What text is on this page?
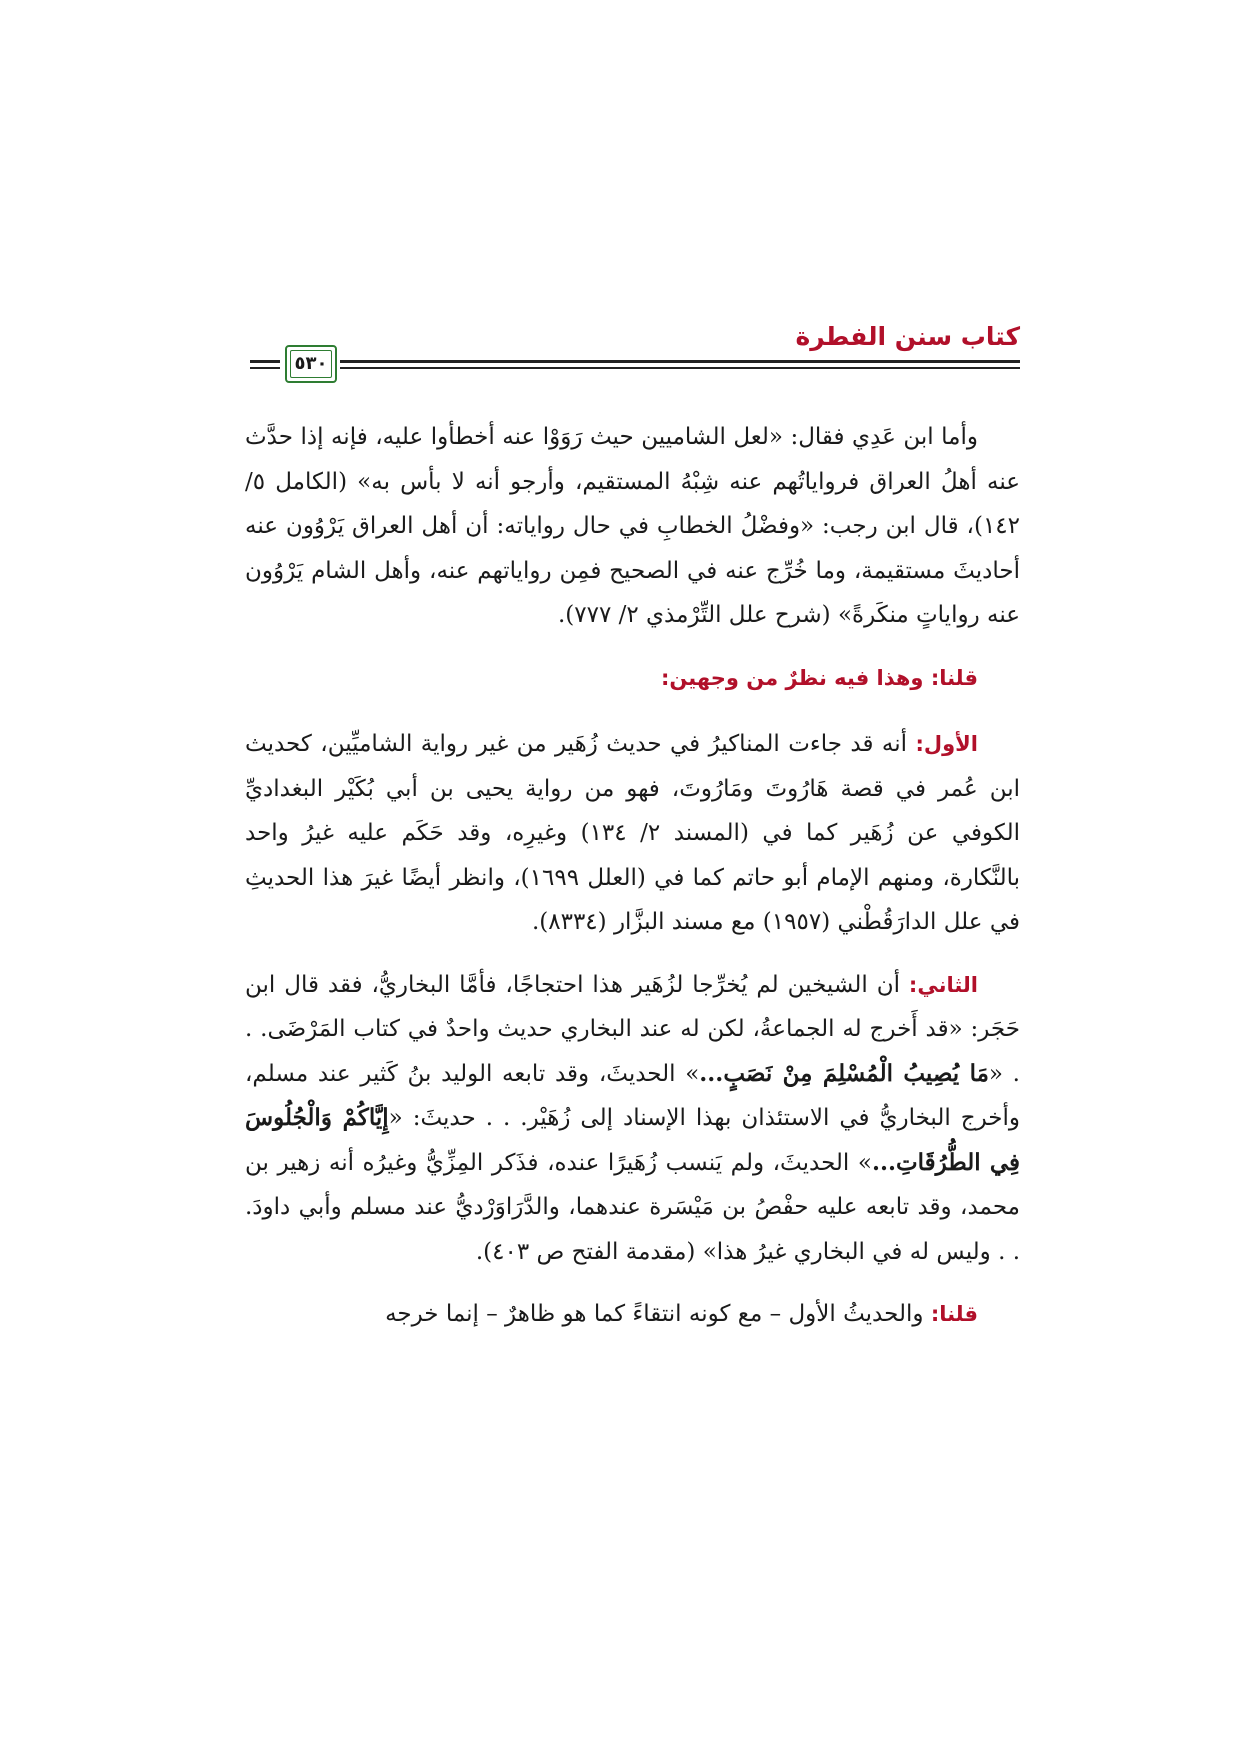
كتاب سنن الفطرة
٥٣٠

وأما ابن عَدِي فقال: «لعل الشاميين حيث رَوَوْا عنه أخطأوا عليه، فإنه إذا حدَّث عنه أهلُ العراق فرواياتُهم عنه شِبْهُ المستقيم، وأرجو أنه لا بأس به» (الكامل ٥/ ١٤٢)، قال ابن رجب: «وفضْلُ الخطابِ في حال رواياته: أن أهل العراق يَرْوُون عنه أحاديثَ مستقيمة، وما خُرِّج عنه في الصحيح فمِن رواياتهم عنه، وأهل الشام يَرْوُون عنه رواياتٍ منكَرةً» (شرح علل التِّرْمذي ٢/ ٧٧٧).

قلنا: وهذا فيه نظرٌ من وجهين:

الأول: أنه قد جاءت المناكيرُ في حديث زُهَير من غير رواية الشاميِّين، كحديث ابن عُمر في قصة هَارُوتَ ومَارُوتَ، فهو من رواية يحيى بن أبي بُكَيْر البغداديِّ الكوفي عن زُهَير كما في (المسند ٢/ ١٣٤) وغيرِه، وقد حَكَم عليه غيرُ واحد بالنَّكارة، ومنهم الإمام أبو حاتم كما في (العلل ١٦٩٩)، وانظر أيضًا غيرَ هذا الحديثِ في علل الدارَقُطْني (١٩٥٧) مع مسند البزَّار (٨٣٣٤).

الثاني: أن الشيخين لم يُخرِّجا لزُهَير هذا احتجاجًا، فأمَّا البخاريُّ، فقد قال ابن حَجَر: «قد أَخرج له الجماعةُ، لكن له عند البخاري حديث واحدٌ في كتاب المَرْضَى. . . «مَا يُصِيبُ الْمُسْلِمَ مِنْ نَصَبٍ...» الحديثَ، وقد تابعه الوليد بنُ كَثير عند مسلم، وأخرج البخاريُّ في الاستئذان بهذا الإسناد إلى زُهَيْر. . . حديثَ: «إِيَّاكُمْ وَالْجُلُوسَ فِي الطُّرُقَاتِ...» الحديثَ، ولم يَنسب زُهَيرًا عنده، فذَكر المِزِّيُّ وغيرُه أنه زهير بن محمد، وقد تابعه عليه حفْصُ بن مَيْسَرة عندهما، والدَّرَاوَرْديُّ عند مسلم وأبي داودَ. . . وليس له في البخاري غيرُ هذا» (مقدمة الفتح ص ٤٠٣).

قلنا: والحديثُ الأول – مع كونه انتقاءً كما هو ظاهرٌ – إنما خرجه
